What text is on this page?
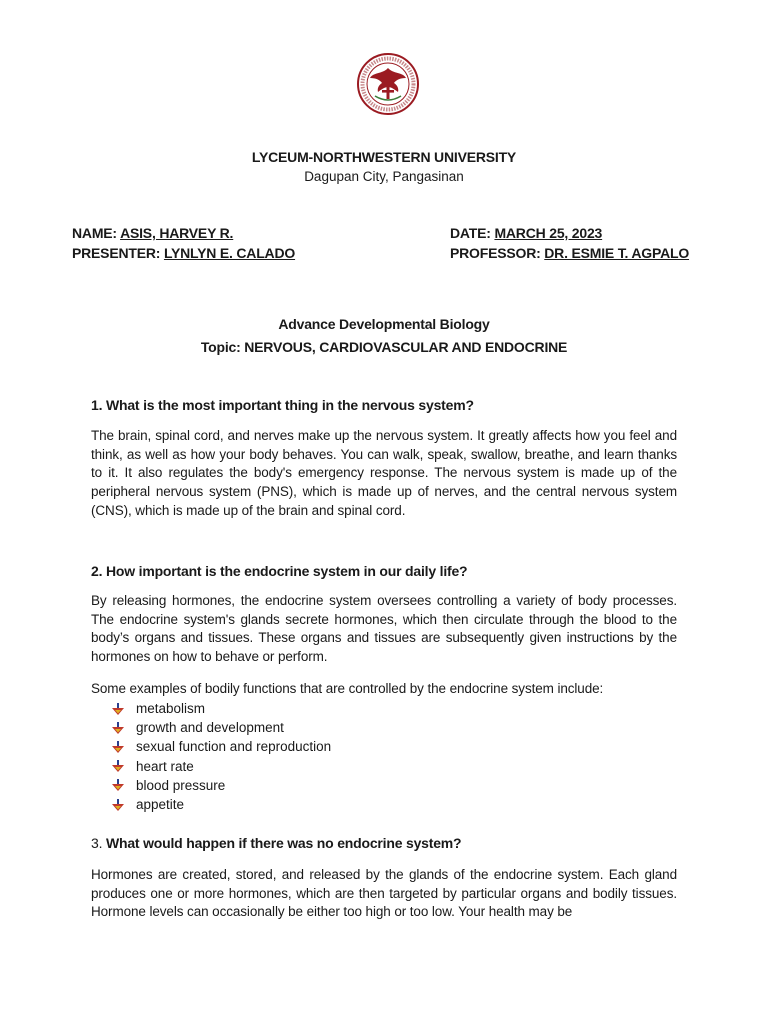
LYCEUM-NORTHWESTERN UNIVERSITY
Dagupan City, Pangasinan
NAME: ASIS, HARVEY R.
PRESENTER: LYNLYN E. CALADO
DATE: MARCH 25, 2023
PROFESSOR: DR. ESMIE T. AGPALO
Advance Developmental Biology
Topic: NERVOUS, CARDIOVASCULAR AND ENDOCRINE
1. What is the most important thing in the nervous system?
The brain, spinal cord, and nerves make up the nervous system. It greatly affects how you feel and think, as well as how your body behaves. You can walk, speak, swallow, breathe, and learn thanks to it. It also regulates the body's emergency response. The nervous system is made up of the peripheral nervous system (PNS), which is made up of nerves, and the central nervous system (CNS), which is made up of the brain and spinal cord.
2. How important is the endocrine system in our daily life?
By releasing hormones, the endocrine system oversees controlling a variety of body processes. The endocrine system's glands secrete hormones, which then circulate through the blood to the body’s organs and tissues. These organs and tissues are subsequently given instructions by the hormones on how to behave or perform.
Some examples of bodily functions that are controlled by the endocrine system include:
metabolism
growth and development
sexual function and reproduction
heart rate
blood pressure
appetite
3. What would happen if there was no endocrine system?
Hormones are created, stored, and released by the glands of the endocrine system. Each gland produces one or more hormones, which are then targeted by particular organs and bodily tissues. Hormone levels can occasionally be either too high or too low. Your health may be
